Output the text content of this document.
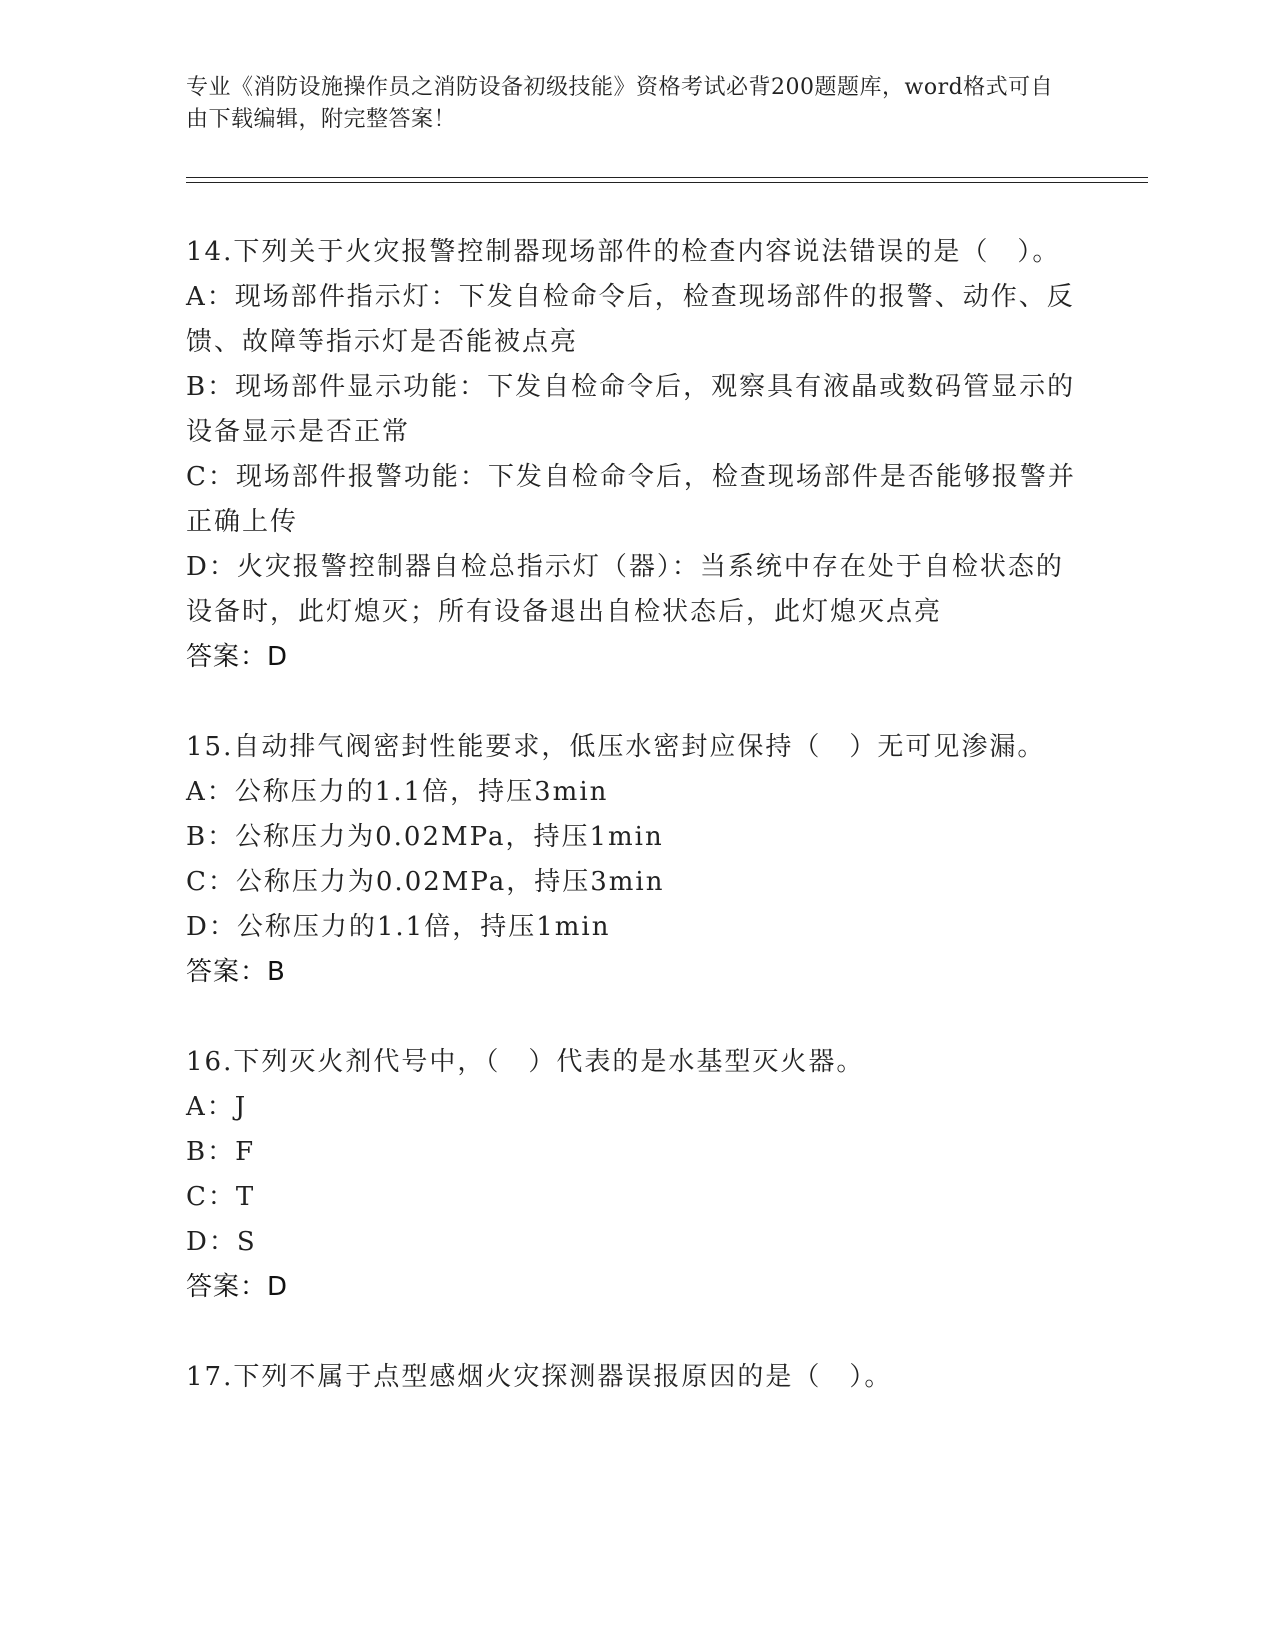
专业《消防设施操作员之消防设备初级技能》资格考试必背200题题库，word格式可自由下载编辑，附完整答案！
14.下列关于火灾报警控制器现场部件的检查内容说法错误的是（　）。
A：现场部件指示灯：下发自检命令后，检查现场部件的报警、动作、反馈、故障等指示灯是否能被点亮
B：现场部件显示功能：下发自检命令后，观察具有液晶或数码管显示的设备显示是否正常
C：现场部件报警功能：下发自检命令后，检查现场部件是否能够报警并正确上传
D：火灾报警控制器自检总指示灯（器）：当系统中存在处于自检状态的设备时，此灯熄灭；所有设备退出自检状态后，此灯熄灭点亮
答案：D
15.自动排气阀密封性能要求，低压水密封应保持（　）无可见渗漏。
A：公称压力的1.1倍，持压3min
B：公称压力为0.02MPa，持压1min
C：公称压力为0.02MPa，持压3min
D：公称压力的1.1倍，持压1min
答案：B
16.下列灭火剂代号中，（　）代表的是水基型灭火器。
A：J
B：F
C：T
D：S
答案：D
17.下列不属于点型感烟火灾探测器误报原因的是（　）。
